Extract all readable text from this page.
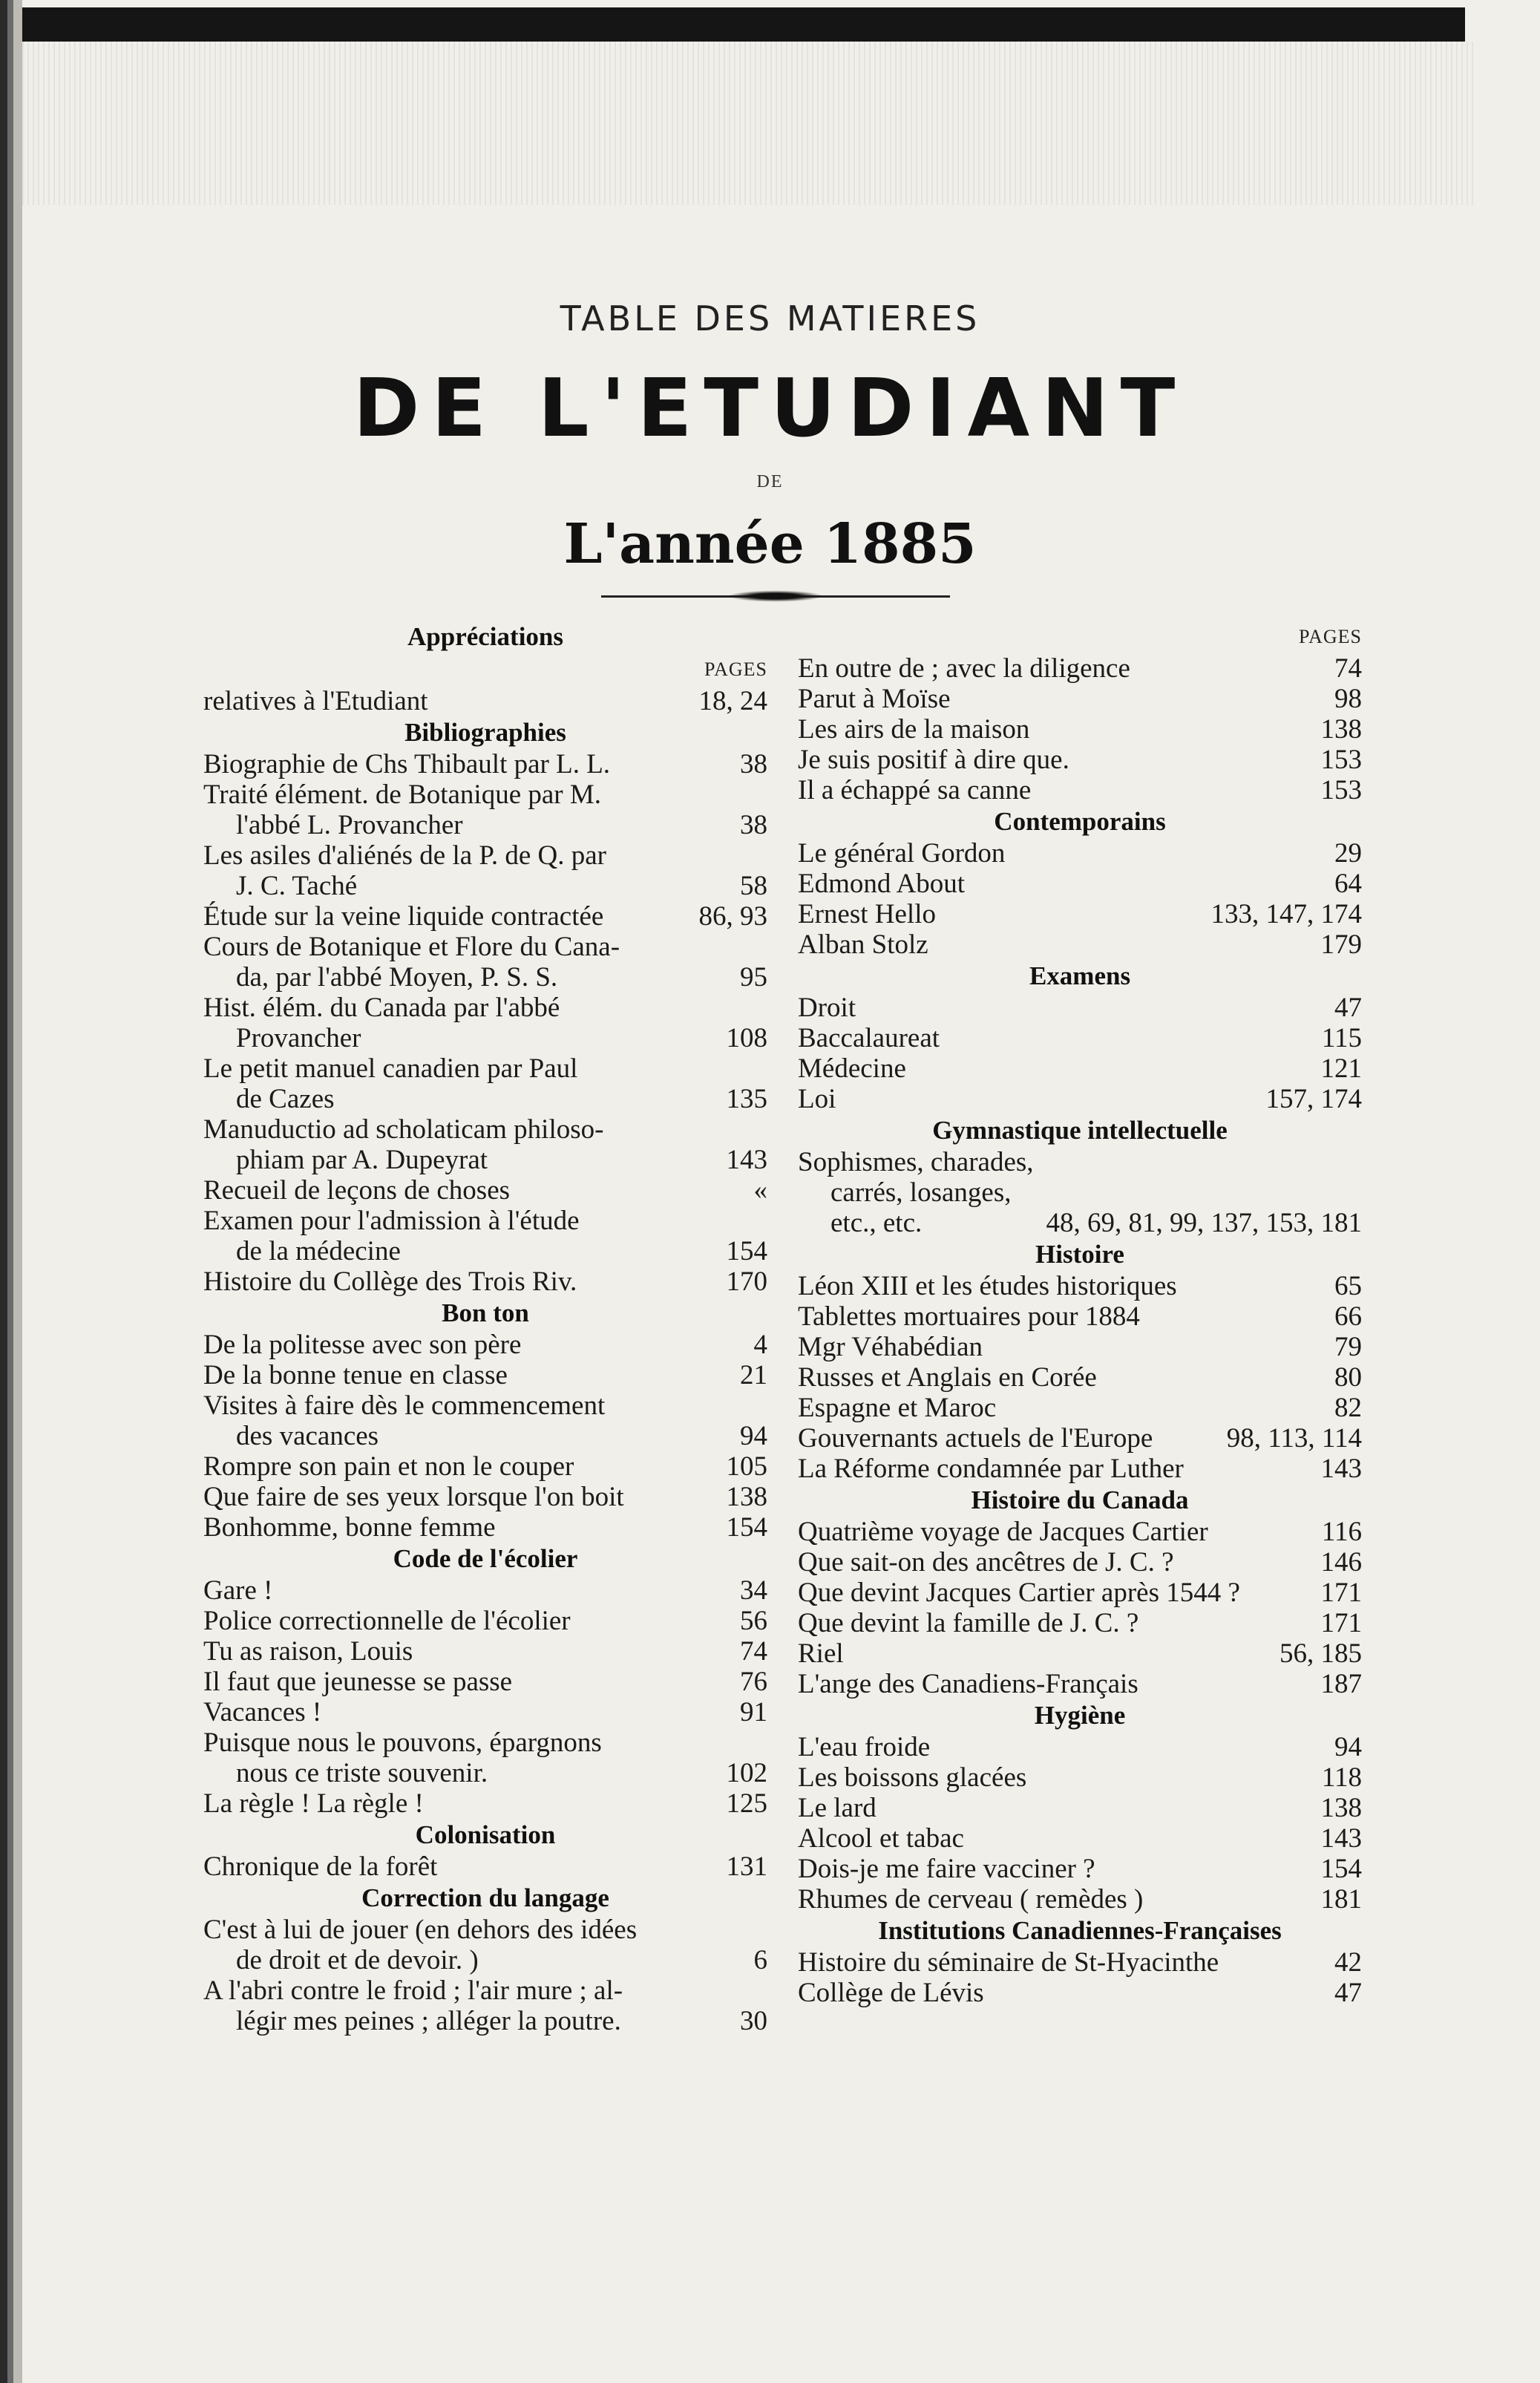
TABLE DES MATIERES
DE L'ETUDIANT
DE
L'année 1885
Appréciations
PAGES
relatives à l'Etudiant	18, 24
Bibliographies
Biographie de Chs Thibault par L. L.	38
Traité élément. de Botanique par M.
l'abbé L. Provancher	38
Les asiles d'aliénés de la P. de Q. par
J. C. Taché	58
Étude sur la veine liquide contractée	86, 93
Cours de Botanique et Flore du Cana-
da, par l'abbé Moyen, P. S. S.	95
Hist. élém. du Canada par l'abbé
Provancher	108
Le petit manuel canadien par Paul
de Cazes	135
Manuductio ad scholaticam philoso-
phiam par A. Dupeyrat	143
Recueil de leçons de choses	«
Examen pour l'admission à l'étude
de la médecine	154
Histoire du Collège des Trois Riv.	170
Bon ton
De la politesse avec son père	4
De la bonne tenue en classe	21
Visites à faire dès le commencement
des vacances	94
Rompre son pain et non le couper	105
Que faire de ses yeux lorsque l'on boit	138
Bonhomme, bonne femme	154
Code de l'écolier
Gare !	34
Police correctionnelle de l'écolier	56
Tu as raison, Louis	74
Il faut que jeunesse se passe	76
Vacances !	91
Puisque nous le pouvons, épargnons
nous ce triste souvenir.	102
La règle ! La règle !	125
Colonisation
Chronique de la forêt	131
Correction du langage
C'est à lui de jouer (en dehors des idées
de droit et de devoir. )	6
A l'abri contre le froid ; l'air mure ; al-
légir mes peines ; alléger la poutre.	30
PAGES
En outre de ; avec la diligence	74
Parut à Moïse	98
Les airs de la maison	138
Je suis positif à dire que.	153
Il a échappé sa canne	153
Contemporains
Le général Gordon	29
Edmond About	64
Ernest Hello	133, 147, 174
Alban Stolz	179
Examens
Droit	47
Baccalaureat	115
Médecine	121
Loi	157, 174
Gymnastique intellectuelle
Sophismes, charades, carrés, losanges,
etc., etc.	48, 69, 81, 99, 137, 153, 181
Histoire
Léon XIII et les études historiques	65
Tablettes mortuaires pour 1884	66
Mgr Véhabédian	79
Russes et Anglais en Corée	80
Espagne et Maroc	82
Gouvernants actuels de l'Europe	98, 113, 114
La Réforme condamnée par Luther	143
Histoire du Canada
Quatrième voyage de Jacques Cartier	116
Que sait-on des ancêtres de J. C. ?	146
Que devint Jacques Cartier après 1544 ?	171
Que devint la famille de J. C. ?	171
Riel	56, 185
L'ange des Canadiens-Français	187
Hygiène
L'eau froide	94
Les boissons glacées	118
Le lard	138
Alcool et tabac	143
Dois-je me faire vacciner ?	154
Rhumes de cerveau ( remèdes )	181
Institutions Canadiennes-Françaises
Histoire du séminaire de St-Hyacinthe	42
Collège de Lévis	47
